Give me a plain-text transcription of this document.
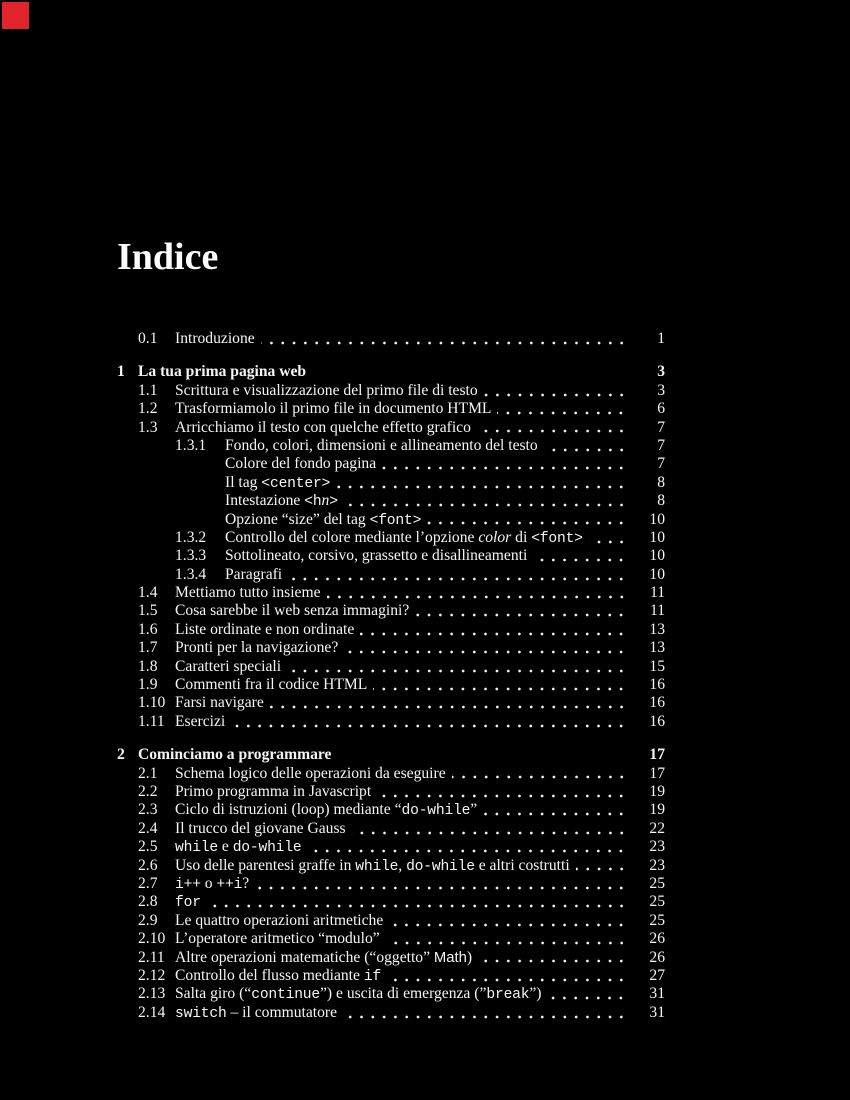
Indice
0.1	Introduzione	1
1 La tua prima pagina web	3
1.1	Scrittura e visualizzazione del primo file di testo	3
1.2	Trasformiamolo il primo file in documento HTML	6
1.3	Arricchiamo il testo con quelche effetto grafico	7
1.3.1	Fondo, colori, dimensioni e allineamento del testo	7
Colore del fondo pagina	7
Il tag <center>	8
Intestazione <hn>	8
Opzione “size” del tag <font>	10
1.3.2	Controllo del colore mediante l’opzione color di <font>	10
1.3.3	Sottolineato, corsivo, grassetto e disallineamenti	10
1.3.4	Paragrafi	10
1.4	Mettiamo tutto insieme	11
1.5	Cosa sarebbe il web senza immagini?	11
1.6	Liste ordinate e non ordinate	13
1.7	Pronti per la navigazione?	13
1.8	Caratteri speciali	15
1.9	Commenti fra il codice HTML	16
1.10 Farsi navigare	16
1.11 Esercizi	16
2 Cominciamo a programmare	17
2.1	Schema logico delle operazioni da eseguire	17
2.2	Primo programma in Javascript	19
2.3	Ciclo di istruzioni (loop) mediante “do-while”	19
2.4	Il trucco del giovane Gauss	22
2.5	while e do-while	23
2.6	Uso delle parentesi graffe in while, do-while e altri costrutti	23
2.7	i++ o ++i?	25
2.8	for	25
2.9	Le quattro operazioni aritmetiche	25
2.10 L’operatore aritmetico “modulo”	26
2.11 Altre operazioni matematiche (“oggetto” Math)	26
2.12 Controllo del flusso mediante if	27
2.13 Salta giro (“continue”) e uscita di emergenza (”break”)	31
2.14 switch – il commutatore	31
